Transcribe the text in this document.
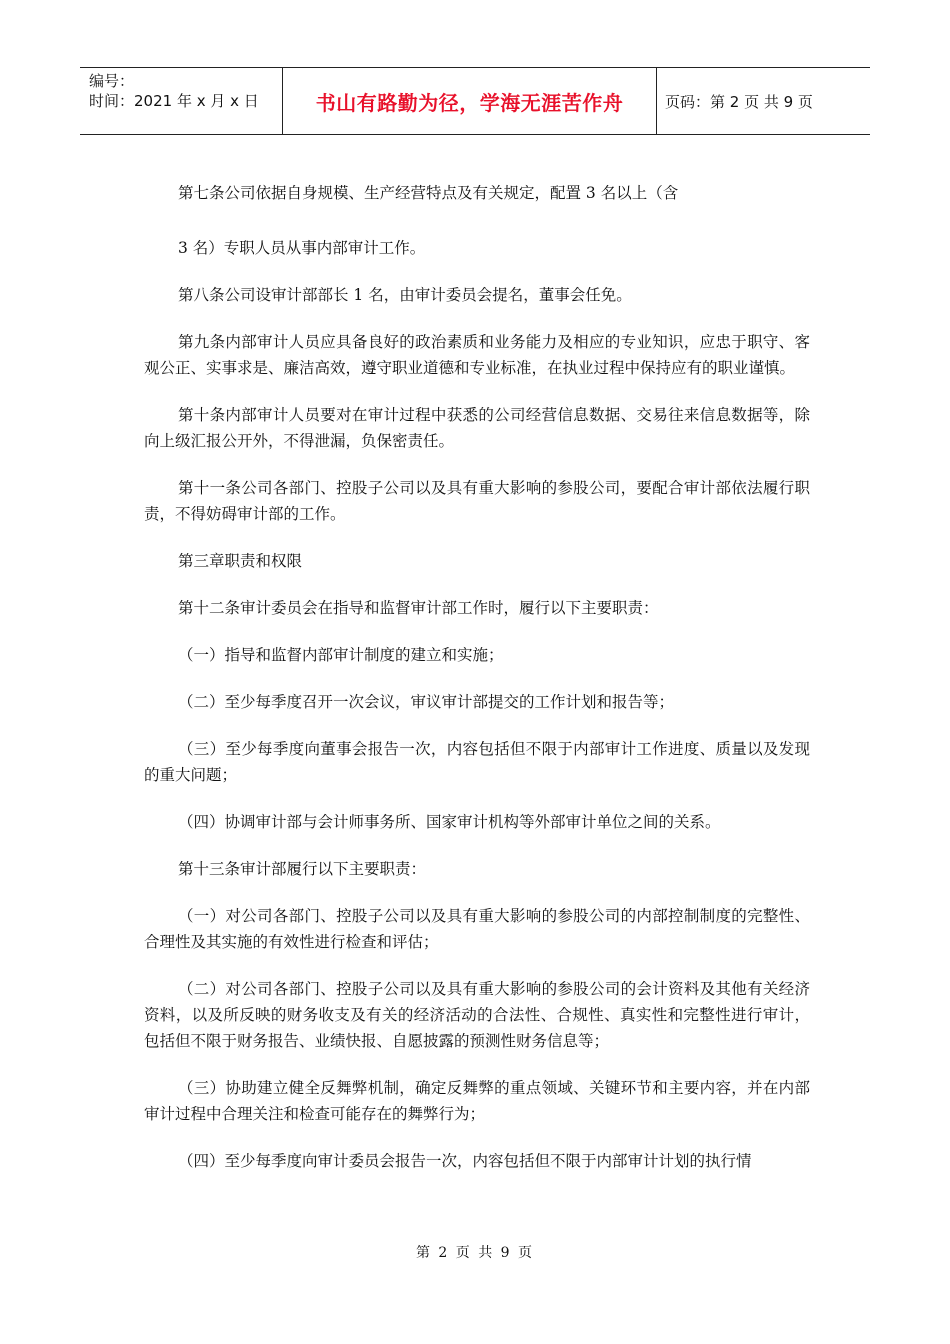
编号：
时间：2021 年 x 月 x 日	书山有路勤为径，学海无涯苦作舟	页码：第 2 页 共 9 页

第七条公司依据自身规模、生产经营特点及有关规定，配置 3 名以上（含

3 名）专职人员从事内部审计工作。

第八条公司设审计部部长 1 名，由审计委员会提名，董事会任免。

第九条内部审计人员应具备良好的政治素质和业务能力及相应的专业知识，应忠于职守、客观公正、实事求是、廉洁高效，遵守职业道德和专业标准，在执业过程中保持应有的职业谨慎。

第十条内部审计人员要对在审计过程中获悉的公司经营信息数据、交易往来信息数据等，除向上级汇报公开外，不得泄漏，负保密责任。

第十一条公司各部门、控股子公司以及具有重大影响的参股公司，要配合审计部依法履行职责，不得妨碍审计部的工作。

第三章职责和权限

第十二条审计委员会在指导和监督审计部工作时，履行以下主要职责：

（一）指导和监督内部审计制度的建立和实施；

（二）至少每季度召开一次会议，审议审计部提交的工作计划和报告等；

（三）至少每季度向董事会报告一次，内容包括但不限于内部审计工作进度、质量以及发现的重大问题；

（四）协调审计部与会计师事务所、国家审计机构等外部审计单位之间的关系。

第十三条审计部履行以下主要职责：

（一）对公司各部门、控股子公司以及具有重大影响的参股公司的内部控制制度的完整性、合理性及其实施的有效性进行检查和评估；

（二）对公司各部门、控股子公司以及具有重大影响的参股公司的会计资料及其他有关经济资料，以及所反映的财务收支及有关的经济活动的合法性、合规性、真实性和完整性进行审计，包括但不限于财务报告、业绩快报、自愿披露的预测性财务信息等；

（三）协助建立健全反舞弊机制，确定反舞弊的重点领域、关键环节和主要内容，并在内部审计过程中合理关注和检查可能存在的舞弊行为；

（四）至少每季度向审计委员会报告一次，内容包括但不限于内部审计计划的执行情

第 2 页 共 9 页
